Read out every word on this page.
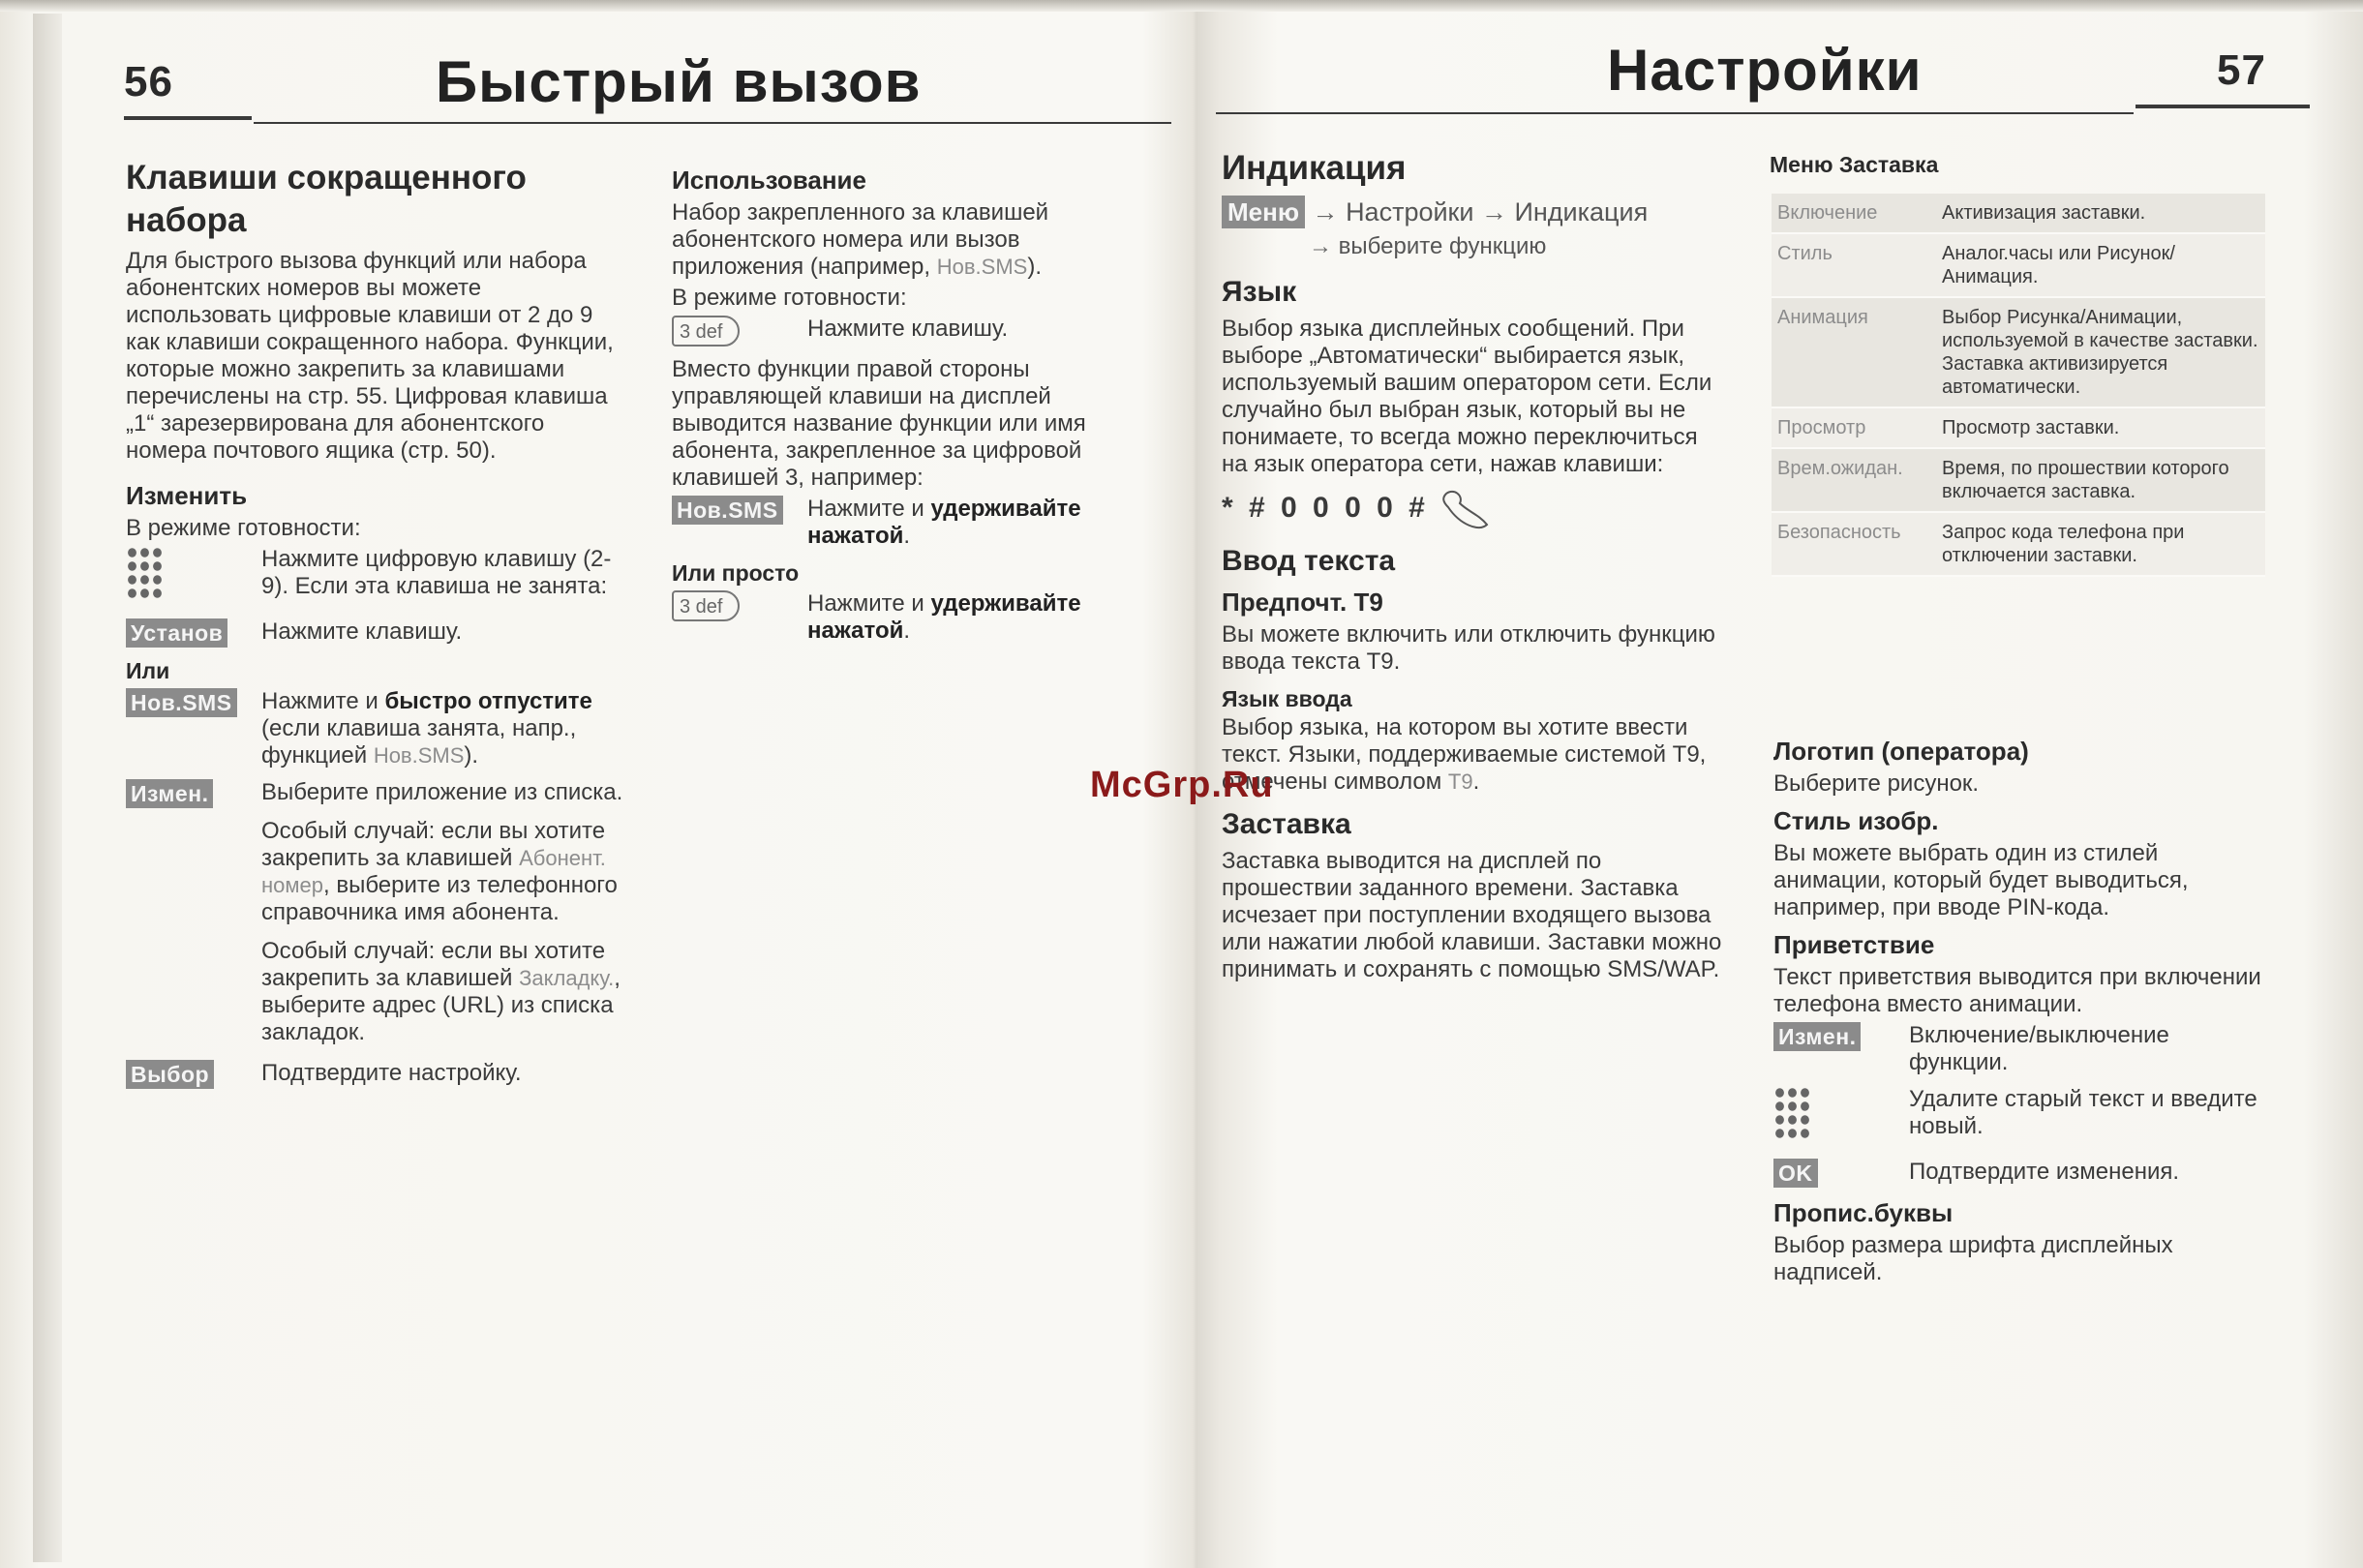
56	Быстрый вызов
Клавиши сокращенного
набора

Для быстрого вызова функций или набора абонентских номеров вы можете использовать цифровые клавиши от 2 до 9 как клавиши сокращенного набора. Функции, которые можно закрепить за клавишами перечислены на стр. 55. Цифровая клавиша „1“ зарезервирована для абонентского номера почтового ящика (стр. 50).

Изменить

В режиме готовности:

Нажмите цифровую клавишу (2-9). Если эта клавиша не занята:
Установ	Нажмите клавишу.
Или
Нов.SMS	Нажмите и быстро отпустите (если клавиша занята, напр., функцией Нов.SMS).
Измен.	Выберите приложение из списка.

Особый случай: если вы хотите закрепить за клавишей Абонент. номер, выберите из телефонного справочника имя абонента.

Особый случай: если вы хотите закрепить за клавишей Закладку., выберите адрес (URL) из списка закладок.

Выбор	Подтвердите настройку.
Использование

Набор закрепленного за клавишей абонентского номера или вызов приложения (например, Нов.SMS).

В режиме готовности:

3 def	Нажмите клавишу.

Вместо функции правой стороны управляющей клавиши на дисплей выводится название функции или имя абонента, закрепленное за цифровой клавишей 3, например:

Нов.SMS	Нажмите и удерживайте нажатой.
Или просто
3 def	Нажмите и удерживайте нажатой.
Настройки	57
Индикация
Меню → Настройки → Индикация
→ выберите функцию
Язык

Выбор языка дисплейных сообщений. При выборе „Автоматически“ выбирается язык, используемый вашим оператором сети. Если случайно был выбран язык, который вы не понимаете, то всегда можно переключиться на язык оператора сети, нажав клавиши:

* # 0 0 0 0 #
Ввод текста
Предпочт. Т9

Вы можете включить или отключить функцию ввода текста Т9.

Язык ввода

Выбор языка, на котором вы хотите ввести текст. Языки, поддерживаемые системой Т9, отмечены символом Т9.

Заставка

Заставка выводится на дисплей по прошествии заданного времени. Заставка исчезает при поступлении входящего вызова или нажатии любой клавиши. Заставки можно принимать и сохранять с помощью SMS/WAP.

Меню Заставка
Включение	Активизация заставки.
Стиль	Аналог.часы или Рисунок/ Анимация.
Анимация	Выбор Рисунка/Анимации, используемой в качестве заставки. Заставка активизируется автоматически.
Просмотр	Просмотр заставки.
Врем.ожидан.	Время, по прошествии которого включается заставка.
Безопасность	Запрос кода телефона при отключении заставки.
Логотип (оператора)

Выберите рисунок.

Стиль изобр.

Вы можете выбрать один из стилей анимации, который будет выводиться, например, при вводе PIN-кода.

Приветствие

Текст приветствия выводится при включении телефона вместо анимации.

Измен.	Включение/выключение функции.
Удалите старый текст и введите новый.
OK	Подтвердите изменения.
Пропис.буквы

Выбор размера шрифта дисплейных надписей.

McGrp.Ru
